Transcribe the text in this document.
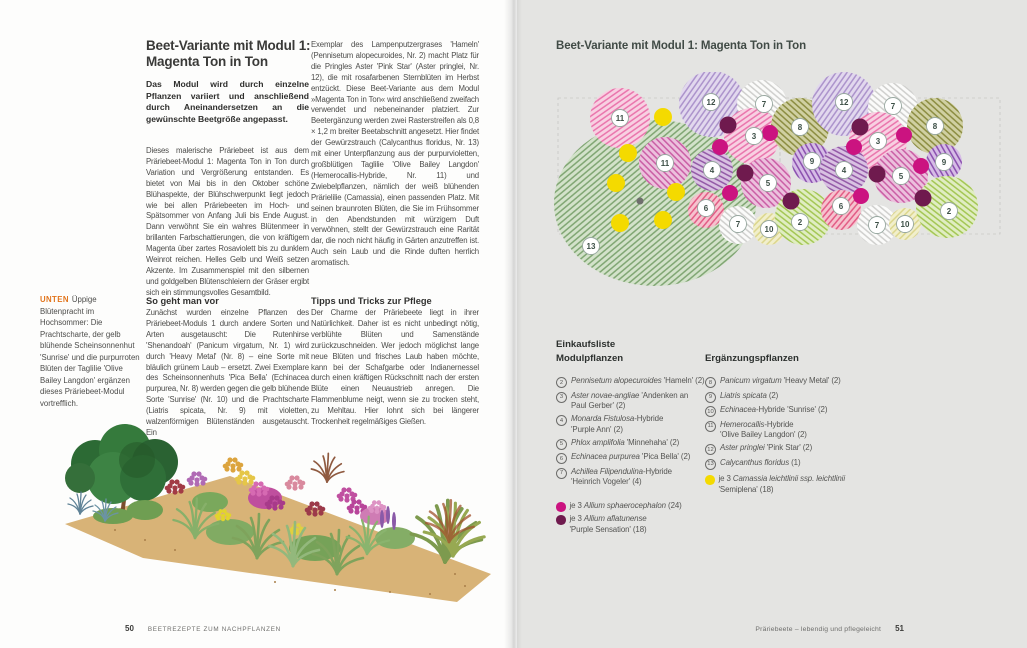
Beet-Variante mit Modul 1:
Magenta Ton in Ton

Das Modul wird durch einzelne Pflanzen variiert und anschließend durch Aneinandersetzen an die gewünschte Beetgröße angepasst.

Dieses malerische Präriebeet ist aus dem Präriebeet-Modul 1: Magenta Ton in Ton durch Variation und Vergrößerung entstanden. Es bietet von Mai bis in den Oktober schöne Blühaspekte, der Blühschwerpunkt liegt jedoch wie bei allen Präriebeeten im Hoch- und Spätsommer von Anfang Juli bis Ende August. Dann verwöhnt Sie ein wahres Blütenmeer in brillanten Farbschattierungen, die von kräftigem Magenta über zartes Rosaviolett bis zu dunklem Weinrot reichen. Helles Gelb und Weiß setzen Akzente. Im Zusammenspiel mit den silbernen und goldgelben Blütenschleiern der Gräser ergibt sich ein stimmungsvolles Gesamtbild.

So geht man vor

Zunächst wurden einzelne Pflanzen des Präriebeet-Moduls 1 durch andere Sorten und Arten ausgetauscht: Die Rutenhirse 'Shenandoah' (Panicum virgatum, Nr. 1) wird durch 'Heavy Metal' (Nr. 8) – eine Sorte mit bläulich grünem Laub – ersetzt. Zwei Exemplare des Scheinsonnenhuts 'Pica Bella' (Echinacea purpurea, Nr. 8) werden gegen die gelb blühende Sorte 'Sunrise' (Nr. 10) und die Prachtscharte (Liatris spicata, Nr. 9) mit violetten, walzenförmigen Blütenständen ausgetauscht. Ein

Exemplar des Lampenputzergrases 'Hameln' (Pennisetum alopecuroides, Nr. 2) macht Platz für die Pringles Aster 'Pink Star' (Aster pringlei, Nr. 12), die mit rosafarbenen Sternblüten im Herbst entzückt. Diese Beet-Variante aus dem Modul »Magenta Ton in Ton« wird anschließend zweifach verwendet und nebeneinander platziert. Zur Beetergänzung werden zwei Rasterstreifen als 0,8 × 1,2 m breiter Beetabschnitt angesetzt. Hier findet der Gewürzstrauch (Calycanthus floridus, Nr. 13) mit einer Unterpflanzung aus der purpurvioletten, großblütigen Taglilie 'Olive Bailey Langdon' (Hemerocallis-Hybride, Nr. 11) und Zwiebelpflanzen, nämlich der weiß blühenden Prärielilie (Camassia), einen passenden Platz. Mit seinen braunroten Blüten, die Sie im Frühsommer in den Abendstunden mit würzigem Duft verwöhnen, stellt der Gewürzstrauch eine Rarität dar, die noch nicht häufig in Gärten anzutreffen ist. Auch sein Laub und die Rinde duften herrlich aromatisch.

Tipps und Tricks zur Pflege

Der Charme der Präriebeete liegt in ihrer Natürlichkeit. Daher ist es nicht unbedingt nötig, verblühte Blüten und Samenstände zurückzuschneiden. Wer jedoch möglichst lange neue Blüten und frisches Laub haben möchte, kann bei der Schafgarbe oder Indianernessel durch einen kräftigen Rückschnitt nach der ersten Blüte einen Neuaustrieb anregen. Die Flammenblume neigt, wenn sie zu trocken steht, zu Mehltau. Hier lohnt sich bei längerer Trockenheit regelmäßiges Gießen.

UNTEN Üppige Blütenpracht im Hochsommer: Die Prachtscharte, der gelb blühende Scheinsonnenhut 'Sunrise' und die purpurroten Blüten der Taglilie 'Olive Bailey Langdon' ergänzen dieses Präriebeet-Modul vortrefflich.
50 BEETREZEPTE ZUM NACHPFLANZEN
Beet-Variante mit Modul 1: Magenta Ton in Ton
13
12	7
11
3
11
4
5
6
7
10
8
12	7
8
3
9
4
5
9
2
6
7	10
2
Einkaufsliste
Modulpflanzen	Ergänzungspflanzen
2 Pennisetum alopecuroides 'Hameln' (2)
3 Aster novae-angliae 'Andenken an
Paul Gerber' (2)
4 Monarda Fistulosa-Hybride
'Purple Ann' (2)
5 Phlox amplifolia 'Minnehaha' (2)
6 Echinacea purpurea 'Pica Bella' (2)
7 Achillea Filipendulina-Hybride
'Heinrich Vogeler' (4)
8 Panicum virgatum 'Heavy Metal' (2)
9 Liatris spicata (2)
10 Echinacea-Hybride 'Sunrise' (2)
11 Hemerocallis-Hybride
'Olive Bailey Langdon' (2)
12 Aster pringlei 'Pink Star' (2)
13 Calycanthus floridus (1)
je 3 Allium sphaerocephalon (24)
je 3 Allium aflatunense
'Purple Sensation' (18)
je 3 Camassia leichtlinii ssp. leichtlinii
'Semiplena' (18)
Präriebeete – lebendig und pflegeleicht 51
